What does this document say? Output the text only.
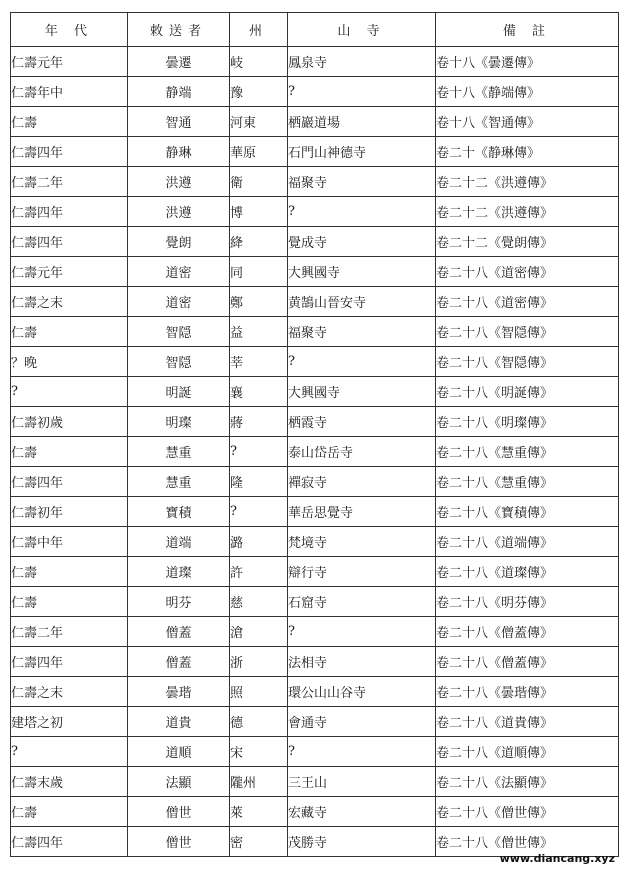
年 代	敕送者	州	山 寺	備 註
仁壽元年	曇遷	岐	鳳泉寺	卷十八《曇遷傳》
仁壽年中	静端	豫	?	卷十八《静端傳》
仁壽	智通	河東	栖巖道場	卷十八《智通傳》
仁壽四年	静琳	華原	石門山神德寺	卷二十《静琳傳》
仁壽二年	洪遵	衛	福聚寺	卷二十二《洪遵傳》
仁壽四年	洪遵	博	?	卷二十二《洪遵傳》
仁壽四年	覺朗	絳	覺成寺	卷二十二《覺朗傳》
仁壽元年	道密	同	大興國寺	卷二十八《道密傳》
仁壽之末	道密	鄭	黄鵠山晉安寺	卷二十八《道密傳》
仁壽	智隠	益	福聚寺	卷二十八《智隠傳》
？晚	智隠	莘	?	卷二十八《智隠傳》
?	明誕	襄	大興國寺	卷二十八《明誕傳》
仁壽初歲	明璨	蔣	栖霞寺	卷二十八《明璨傳》
仁壽	慧重	?	泰山岱岳寺	卷二十八《慧重傳》
仁壽四年	慧重	隆	禪寂寺	卷二十八《慧重傳》
仁壽初年	寶積	?	華岳思覺寺	卷二十八《寶積傳》
仁壽中年	道端	潞	梵境寺	卷二十八《道端傳》
仁壽	道璨	許	辯行寺	卷二十八《道璨傳》
仁壽	明芬	慈	石窟寺	卷二十八《明芬傳》
仁壽二年	僧蓋	滄	?	卷二十八《僧蓋傳》
仁壽四年	僧蓋	浙	法相寺	卷二十八《僧蓋傳》
仁壽之末	曇瑎	照	環公山山谷寺	卷二十八《曇瑎傳》
建塔之初	道貴	德	會通寺	卷二十八《道貴傳》
?	道順	宋	?	卷二十八《道順傳》
仁壽末歲	法顯	隴州	三王山	卷二十八《法顯傳》
仁壽	僧世	萊	宏藏寺	卷二十八《僧世傳》
仁壽四年	僧世	密	茂勝寺	卷二十八《僧世傳》
www.diancang.xyz
